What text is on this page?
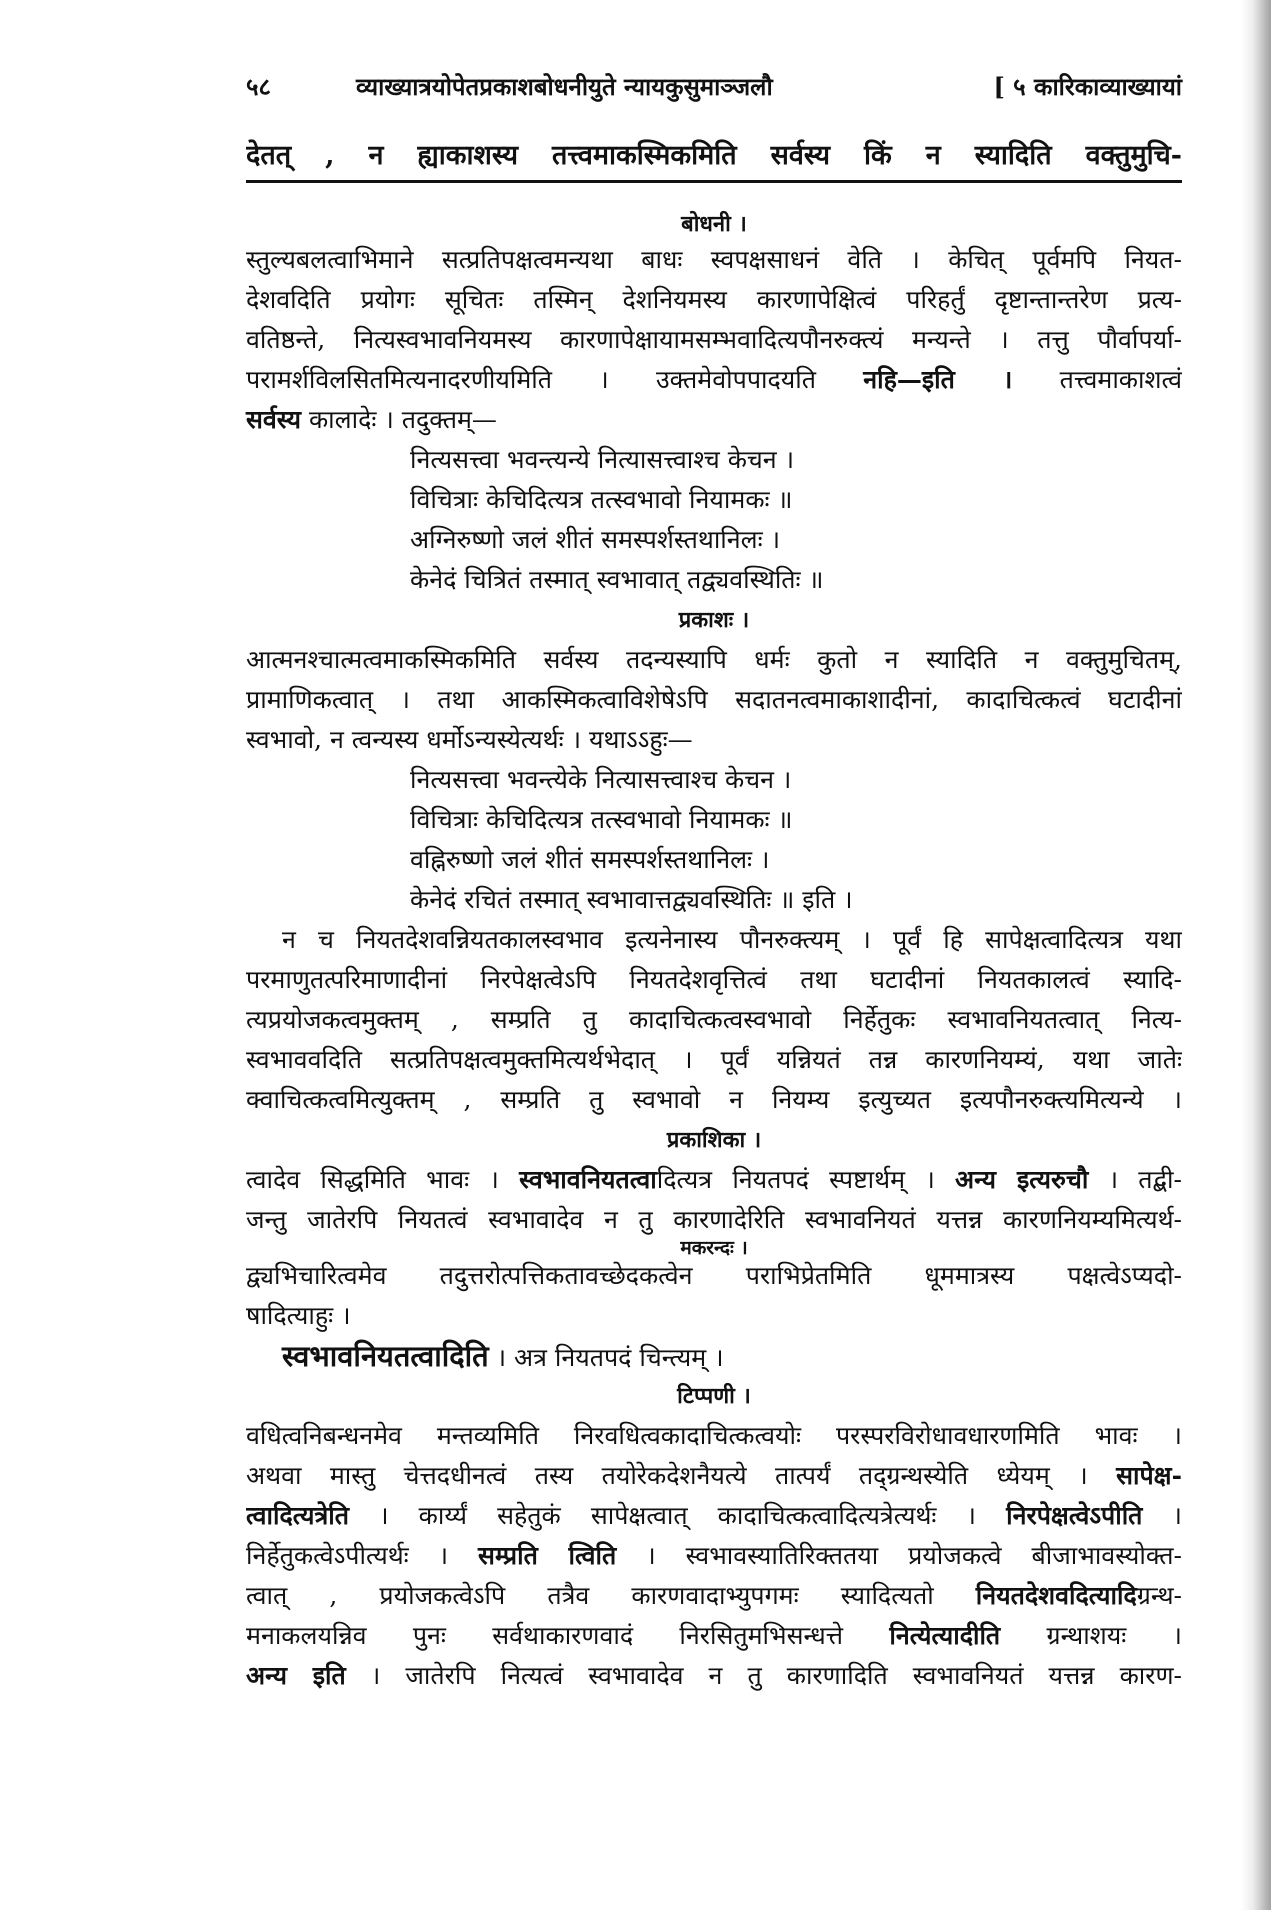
५८	व्याख्यात्रयोपेतप्रकाशबोधनीयुते न्यायकुसुमाञ्जलौ	[ ५ कारिकाव्याख्यायां
देतत् , न ह्याकाशस्य तत्त्वमाकस्मिकमिति सर्वस्य किं न स्यादिति वक्तुमुचि-
बोधनी ।
स्तुल्यबलत्वाभिमाने सत्प्रतिपक्षत्वमन्यथा बाधः स्वपक्षसाधनं वेति । केचित् पूर्वमपि नियत-
देशवदिति प्रयोगः सूचितः तस्मिन् देशनियमस्य कारणापेक्षित्वं परिहर्तुं दृष्टान्तान्तरेण प्रत्य-
वतिष्ठन्ते, नित्यस्वभावनियमस्य कारणापेक्षायामसम्भवादित्यपौनरुक्त्यं मन्यन्ते । तत्तु पौर्वापर्या-
परामर्शविलसितमित्यनादरणीयमिति । उक्तमेवोपपादयति नहि—इति । तत्त्वमाकाशत्वं
सर्वस्य कालादेः । तदुक्तम्—
नित्यसत्त्वा भवन्त्यन्ये नित्यासत्त्वाश्च केचन ।
विचित्राः केचिदित्यत्र तत्स्वभावो नियामकः ॥
अग्निरुष्णो जलं शीतं समस्पर्शस्तथानिलः ।
केनेदं चित्रितं तस्मात् स्वभावात् तद्व्यवस्थितिः ॥
प्रकाशः ।
आत्मनश्चात्मत्वमाकस्मिकमिति सर्वस्य तदन्यस्यापि धर्मः कुतो न स्यादिति न वक्तुमुचितम्,
प्रामाणिकत्वात् । तथा आकस्मिकत्वाविशेषेऽपि सदातनत्वमाकाशादीनां, कादाचित्कत्वं घटादीनां
स्वभावो, न त्वन्यस्य धर्मोऽन्यस्येत्यर्थः । यथाऽऽहुः—
नित्यसत्त्वा भवन्त्येके नित्यासत्त्वाश्च केचन ।
विचित्राः केचिदित्यत्र तत्स्वभावो नियामकः ॥
वह्निरुष्णो जलं शीतं समस्पर्शस्तथानिलः ।
केनेदं रचितं तस्मात् स्वभावात्तद्व्यवस्थितिः ॥ इति ।
न च नियतदेशवन्नियतकालस्वभाव इत्यनेनास्य पौनरुक्त्यम् । पूर्वं हि सापेक्षत्वादित्यत्र यथा
परमाणुतत्परिमाणादीनां निरपेक्षत्वेऽपि नियतदेशवृत्तित्वं तथा घटादीनां नियतकालत्वं स्यादि-
त्यप्रयोजकत्वमुक्तम् , सम्प्रति तु कादाचित्कत्वस्वभावो निर्हेतुकः स्वभावनियतत्वात् नित्य-
स्वभाववदिति सत्प्रतिपक्षत्वमुक्तमित्यर्थभेदात् । पूर्वं यन्नियतं तन्न कारणनियम्यं, यथा जातेः
क्वाचित्कत्वमित्युक्तम् , सम्प्रति तु स्वभावो न नियम्य इत्युच्यत इत्यपौनरुक्त्यमित्यन्ये ।
प्रकाशिका ।
त्वादेव सिद्धमिति भावः । स्वभावनियतत्वादित्यत्र नियतपदं स्पष्टार्थम् । अन्य इत्यरुचौ । तद्बी-
जन्तु जातेरपि नियतत्वं स्वभावादेव न तु कारणादेरिति स्वभावनियतं यत्तन्न कारणनियम्यमित्यर्थ-
मकरन्दः ।
द्व्यभिचारित्वमेव तदुत्तरोत्पत्तिकतावच्छेदकत्वेन पराभिप्रेतमिति धूममात्रस्य पक्षत्वेऽप्यदो-
षादित्याहुः ।
स्वभावनियतत्वादिति । अत्र नियतपदं चिन्त्यम् ।
टिप्पणी ।
वधित्वनिबन्धनमेव मन्तव्यमिति निरवधित्वकादाचित्कत्वयोः परस्परविरोधावधारणमिति भावः ।
अथवा मास्तु चेत्तदधीनत्वं तस्य तयोरेकदेशनैयत्ये तात्पर्यं तद्ग्रन्थस्येति ध्येयम् । सापेक्ष-
त्वादित्यत्रेति । कार्य्यं सहेतुकं सापेक्षत्वात् कादाचित्कत्वादित्यत्रेत्यर्थः । निरपेक्षत्वेऽपीति ।
निर्हेतुकत्वेऽपीत्यर्थः । सम्प्रति त्विति । स्वभावस्यातिरिक्ततया प्रयोजकत्वे बीजाभावस्योक्त-
त्वात् , प्रयोजकत्वेऽपि तत्रैव कारणवादाभ्युपगमः स्यादित्यतो नियतदेशवदित्यादिग्रन्थ-
मनाकलयन्निव पुनः सर्वथाकारणवादं निरसितुमभिसन्धत्ते नित्येत्यादीति ग्रन्थाशयः ।
अन्य इति । जातेरपि नित्यत्वं स्वभावादेव न तु कारणादिति स्वभावनियतं यत्तन्न कारण-
